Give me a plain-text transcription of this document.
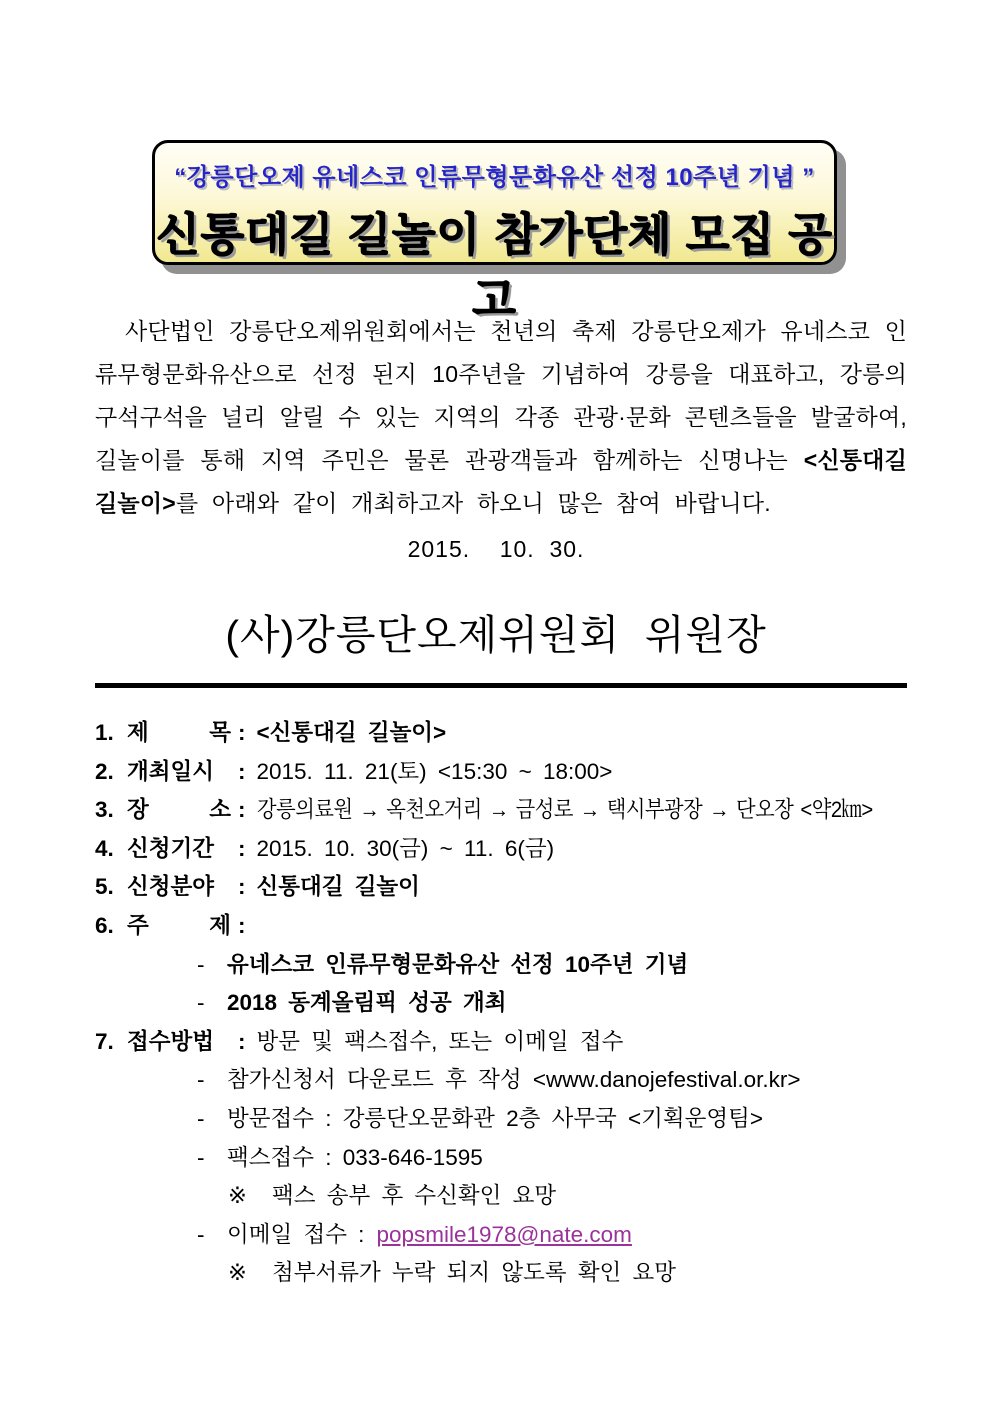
“강릉단오제 유네스코 인류무형문화유산 선정 10주년 기념 ”
신통대길 길놀이 참가단체 모집 공고

사단법인 강릉단오제위원회에서는 천년의 축제 강릉단오제가 유네스코 인류무형문화유산으로 선정 된지 10주년을 기념하여 강릉을 대표하고, 강릉의 구석구석을 널리 알릴 수 있는 지역의 각종 관광·문화 콘텐츠들을 발굴하여, 길놀이를 통해 지역 주민은 물론 관광객들과 함께하는 신명나는 <신통대길 길놀이>를 아래와 같이 개최하고자 하오니 많은 참여 바랍니다.

2015.    10.  30.
(사)강릉단오제위원회  위원장
1. 제 목 : <신통대길 길놀이>
2. 개최일시 : 2015. 11. 21(토) <15:30 ~ 18:00>
3. 장 소 : 강릉의료원 → 옥천오거리 → 금성로 → 택시부광장 → 단오장 <약2㎞>
4. 신청기간 : 2015. 10. 30(금) ~ 11. 6(금)
5. 신청분야 : 신통대길 길놀이
6. 주 제 :
- 유네스코 인류무형문화유산 선정 10주년 기념
- 2018 동계올림픽 성공 개최
7. 접수방법 : 방문 및 팩스접수, 또는 이메일 접수
- 참가신청서 다운로드 후 작성 <www.danojefestival.or.kr>
- 방문접수 : 강릉단오문화관 2층 사무국 <기획운영팀>
- 팩스접수 : 033-646-1595
※ 팩스 송부 후 수신확인 요망
- 이메일 접수 : popsmile1978@nate.com
※ 첨부서류가 누락 되지 않도록 확인 요망
